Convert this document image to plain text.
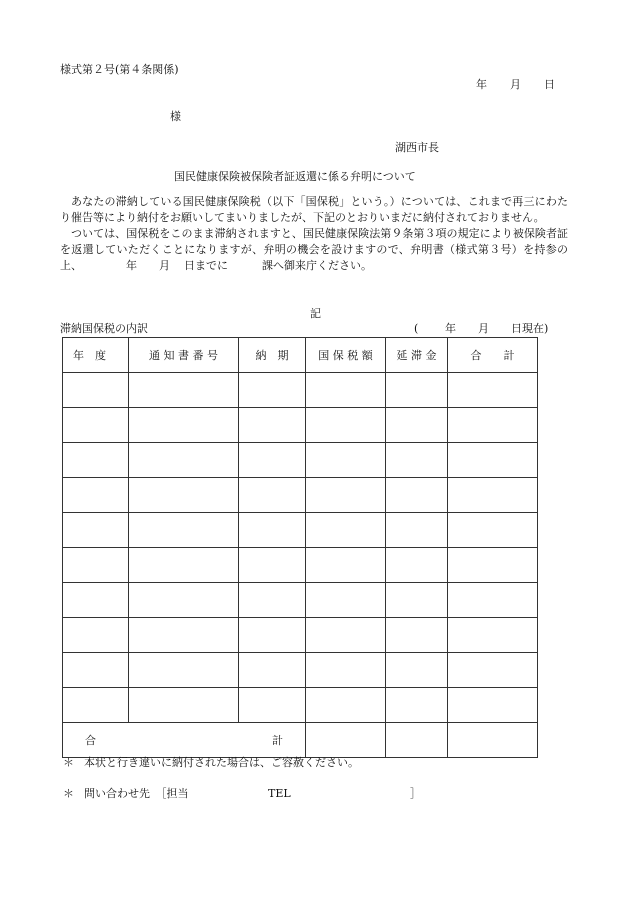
様式第２号(第４条関係)
年 月 日
様
湖西市長
国民健康保険被保険者証返還に係る弁明について

あなたの滞納している国民健康保険税（以下「国保税」という。）については、これまで再三にわたり催告等により納付をお願いしてまいりましたが、下記のとおりいまだに納付されておりません。

ついては、国保税をこのまま滞納されますと、国民健康保険法第９条第３項の規定により被保険者証を返還していただくことになりますが、弁明の機会を設けますので、弁明書（様式第３号）を持参の上、	年 月 日までに	課へ御来庁ください。

記
滞納国保税の内訳	( 年 月 日現在)
年　度	通 知 書 番 号	納　期	国 保 税 額	延 滞 金	合　　計

合 計					

＊ 本状と行き違いに納付された場合は、ご容赦ください。
＊ 問い合わせ先　［担当	TEL	］
